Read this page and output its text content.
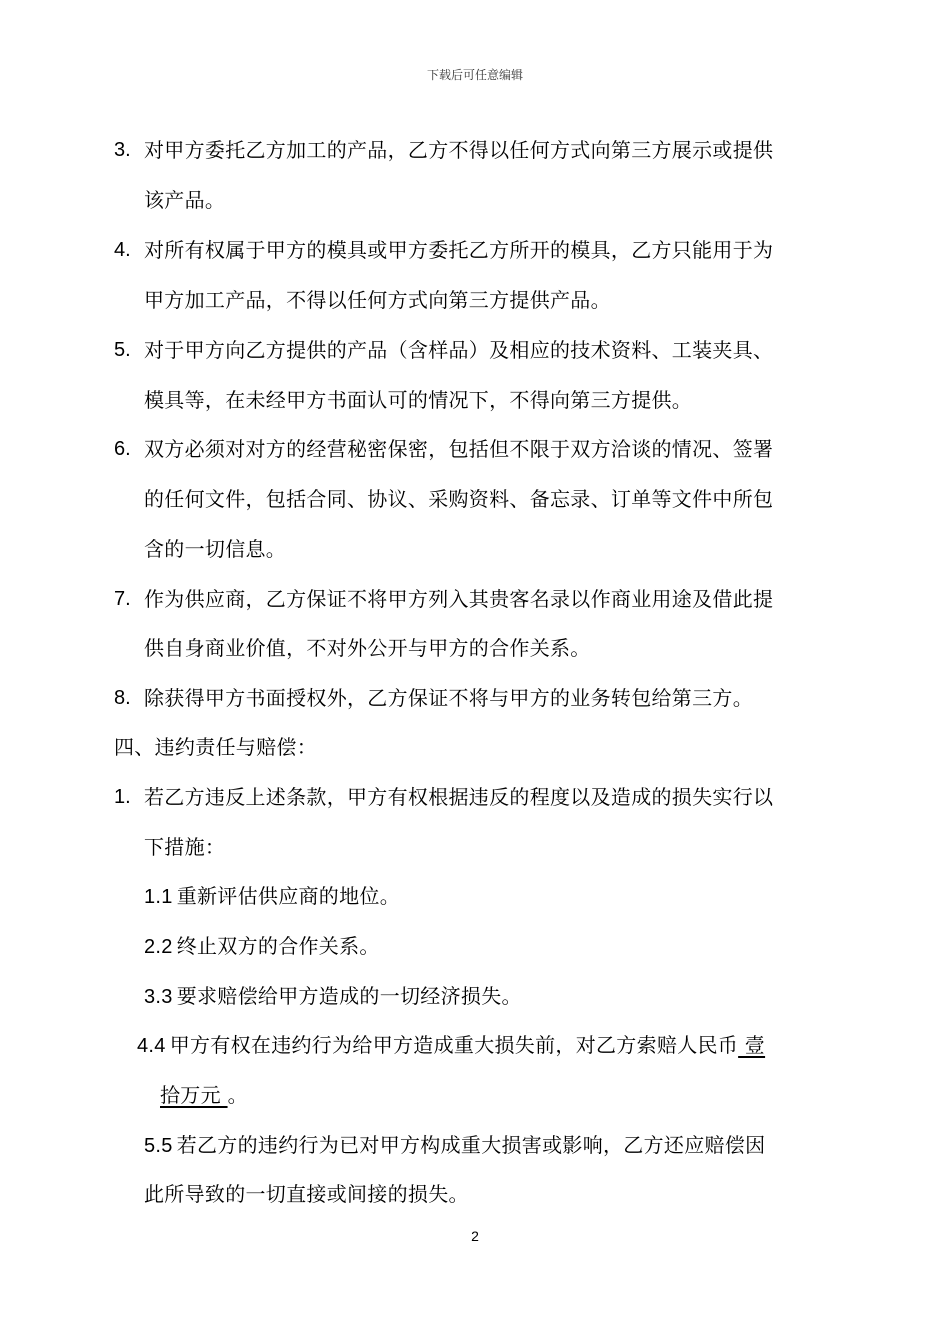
下载后可任意编辑
3. 对甲方委托乙方加工的产品，乙方不得以任何方式向第三方展示或提供
该产品。
4. 对所有权属于甲方的模具或甲方委托乙方所开的模具，乙方只能用于为
甲方加工产品，不得以任何方式向第三方提供产品。
5. 对于甲方向乙方提供的产品（含样品）及相应的技术资料、工装夹具、
模具等，在未经甲方书面认可的情况下，不得向第三方提供。
6. 双方必须对对方的经营秘密保密，包括但不限于双方洽谈的情况、签署
的任何文件，包括合同、协议、采购资料、备忘录、订单等文件中所包
含的一切信息。
7. 作为供应商，乙方保证不将甲方列入其贵客名录以作商业用途及借此提
供自身商业价值，不对外公开与甲方的合作关系。
8. 除获得甲方书面授权外，乙方保证不将与甲方的业务转包给第三方。
四、违约责任与赔偿：
1. 若乙方违反上述条款，甲方有权根据违反的程度以及造成的损失实行以
下措施：
1.1 重新评估供应商的地位。
2.2 终止双方的合作关系。
3.3 要求赔偿给甲方造成的一切经济损失。
4.4 甲方有权在违约行为给甲方造成重大损失前，对乙方索赔人民币 壹
拾万元 。
5.5 若乙方的违约行为已对甲方构成重大损害或影响，乙方还应赔偿因
此所导致的一切直接或间接的损失。
2
